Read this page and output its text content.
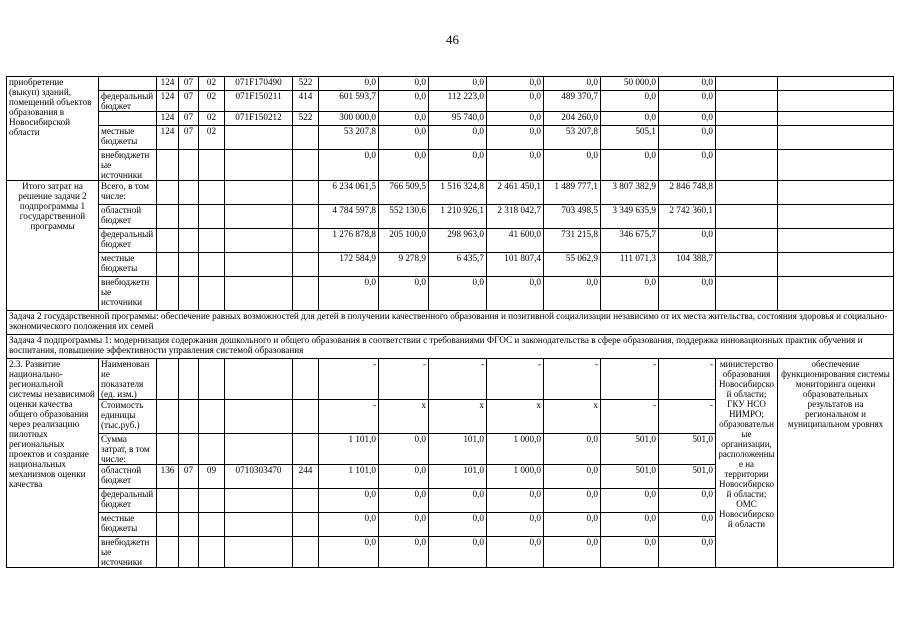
46
приобретение (выкуп) зданий, помещений объектов образования в Новосибирской области		124	07	02	071F170490	522	0,0	0,0	0,0	0,0	0,0	50 000,0	0,0		
	федеральный бюджет	124	07	02	071F150211	414	601 593,7	0,0	112 223,0	0,0	489 370,7	0,0	0,0		
		124	07	02	071F150212	522	300 000,0	0,0	95 740,0	0,0	204 260,0	0,0	0,0		
	местные бюджеты	124	07	02			53 207,8	0,0	0,0	0,0	53 207,8	505,1	0,0		
	внебюджетные источники						0,0	0,0	0,0	0,0	0,0	0,0	0,0		
Итого затрат на решение задачи 2 подпрограммы 1 государственной программы	Всего, в том числе:						6 234 061,5	766 509,5	1 516 324,8	2 461 450,1	1 489 777,1	3 807 382,9	2 846 748,8		
	областной бюджет						4 784 597,8	552 130,6	1 210 926,1	2 318 042,7	703 498,5	3 349 635,9	2 742 360,1		
	федеральный бюджет						1 276 878,8	205 100,0	298 963,0	41 600,0	731 215,8	346 675,7	0,0		
	местные бюджеты						172 584,9	9 278,9	6 435,7	101 807,4	55 062,9	111 071,3	104 388,7		
	внебюджетные источники						0,0	0,0	0,0	0,0	0,0	0,0	0,0		
Задача 2 государственной программы: обеспечение равных возможностей для детей в получении качественного образования и позитивной социализации независимо от их места жительства, состояния здоровья и социально-экономического положения их семей															
Задача 4 подпрограммы 1: модернизация содержания дошкольного и общего образования в соответствии с требованиями ФГОС и законодательства в сфере образования, поддержка инновационных практик обучения и воспитания, повышение эффективности управления системой образования															
2.3. Развитие национально-региональной системы независимой оценки качества общего образования через реализацию пилотных региональных проектов и создание национальных механизмов оценки качества	Наименование показателя (ед. изм.)						-	-	-	-	-	-	-	министерство образования Новосибирской области; ГКУ НСО НИМРО; образовательные организации, расположенные на территории Новосибирской области; ОМС Новосибирской области	обеспечение функционирования системы мониторинга оценки образовательных результатов на региональном и муниципальном уровнях
	Стоимость единицы (тыс.руб.)						-	x	x	x	x	-	-		
	Сумма затрат, в том числе:						1 101,0	0,0	101,0	1 000,0	0,0	501,0	501,0		
	областной бюджет	136	07	09	0710303470	244	1 101,0	0,0	101,0	1 000,0	0,0	501,0	501,0		
	федеральный бюджет						0,0	0,0	0,0	0,0	0,0	0,0	0,0		
	местные бюджеты						0,0	0,0	0,0	0,0	0,0	0,0	0,0		
	внебюджетные источники						0,0	0,0	0,0	0,0	0,0	0,0	0,0		
